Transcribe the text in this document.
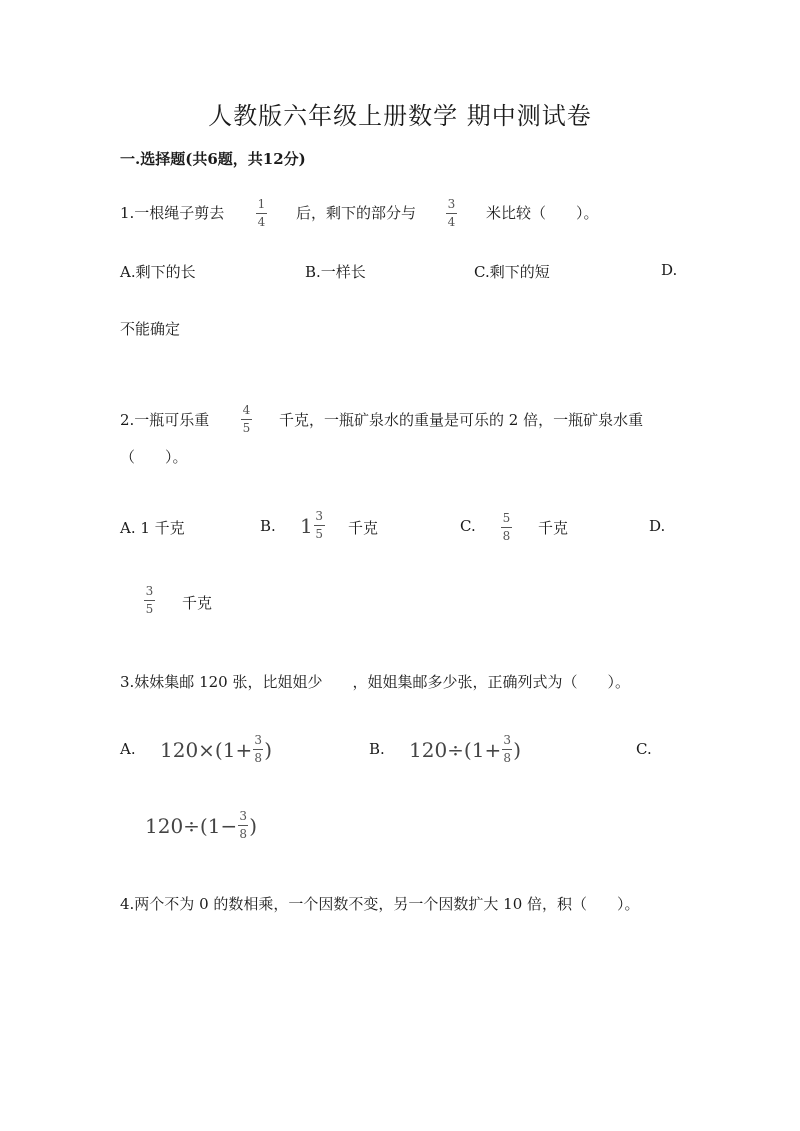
人教版六年级上册数学 期中测试卷
一.选择题(共6题，共12分)
1.一根绳子剪去	1
4 后，剩下的部分与	3
4 米比较（　　）。
A.剩下的长	B.一样长	C.剩下的短	D.
不能确定
2.一瓶可乐重
4
5 千克，一瓶矿泉水的重量是可乐的 2 倍，一瓶矿泉水重
（　　）。
A. 1 千克	B. $1 \frac{3}{5}$ 千克	C. 5
8 千克	D.
3
5 千克
3.妹妹集邮 120 张，比姐姐少　　，姐姐集邮多少张，正确列式为（　　）。
A. $120\times(1+ \frac{3}{8}$ )	B. $120\div(1+ \frac{3}{8}$ )	C.
$120\div(1- \frac{3}{8}$ )
4.两个不为 0 的数相乘，一个因数不变，另一个因数扩大 10 倍，积（　　）。
